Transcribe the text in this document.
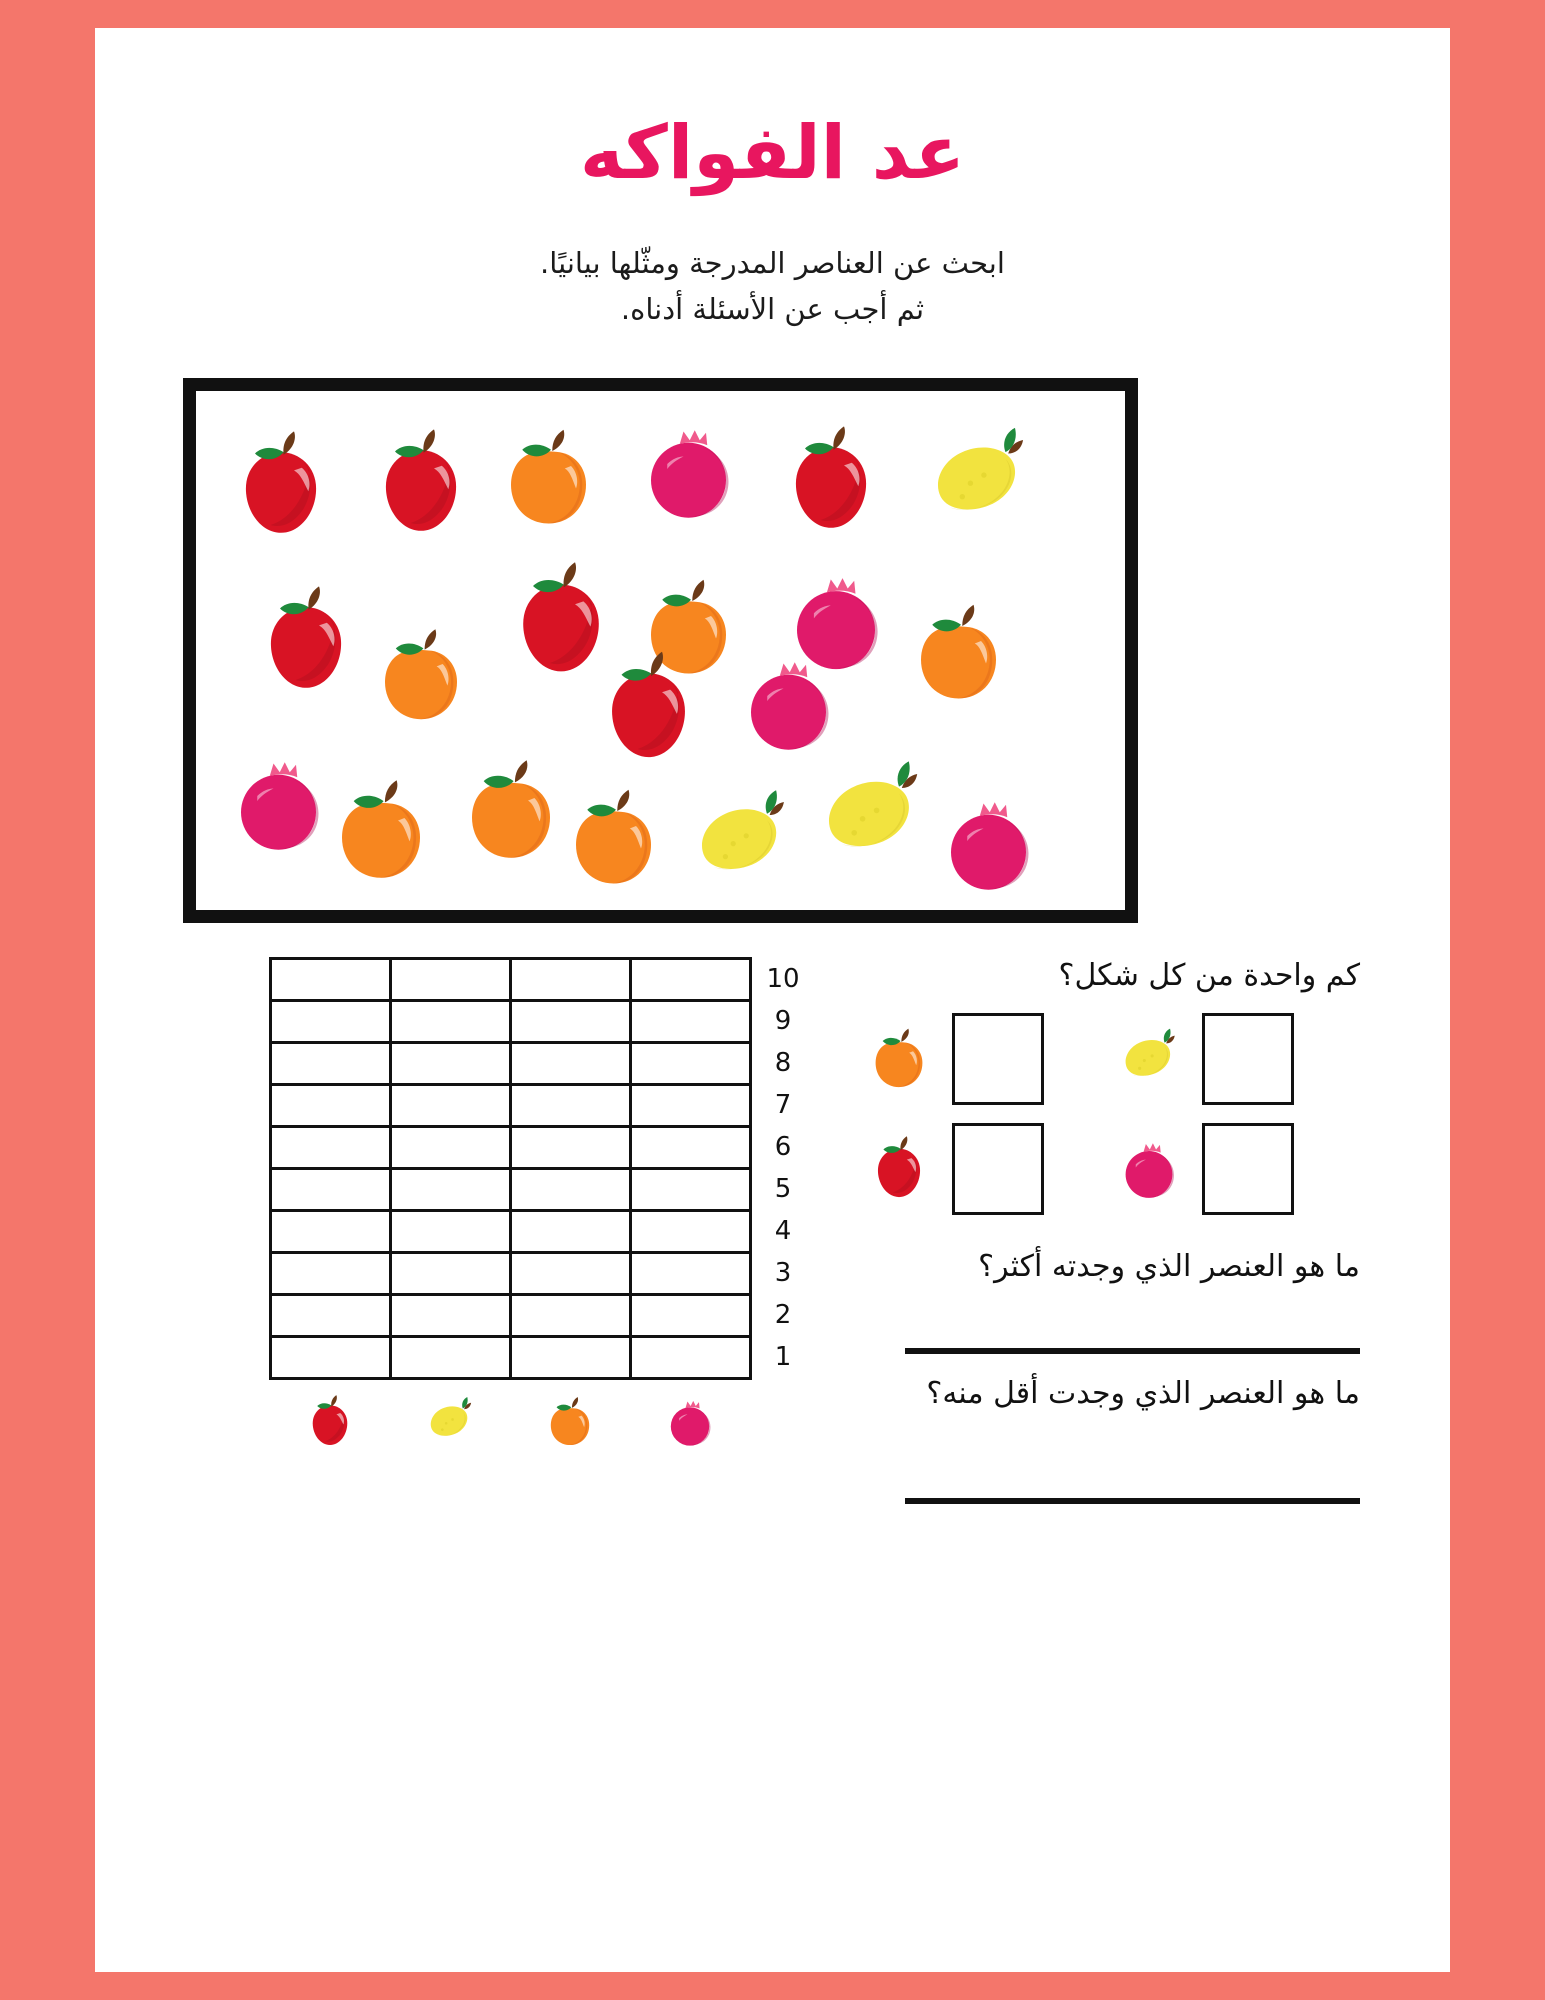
عد الفواكه
ابحث عن العناصر المدرجة ومثّلها بيانيًا.
ثم أجب عن الأسئلة أدناه.
10
9
8
7
6
5
4
3
2
1
كم واحدة من كل شكل؟
ما هو العنصر الذي وجدته أكثر؟
ما هو العنصر الذي وجدت أقل منه؟
